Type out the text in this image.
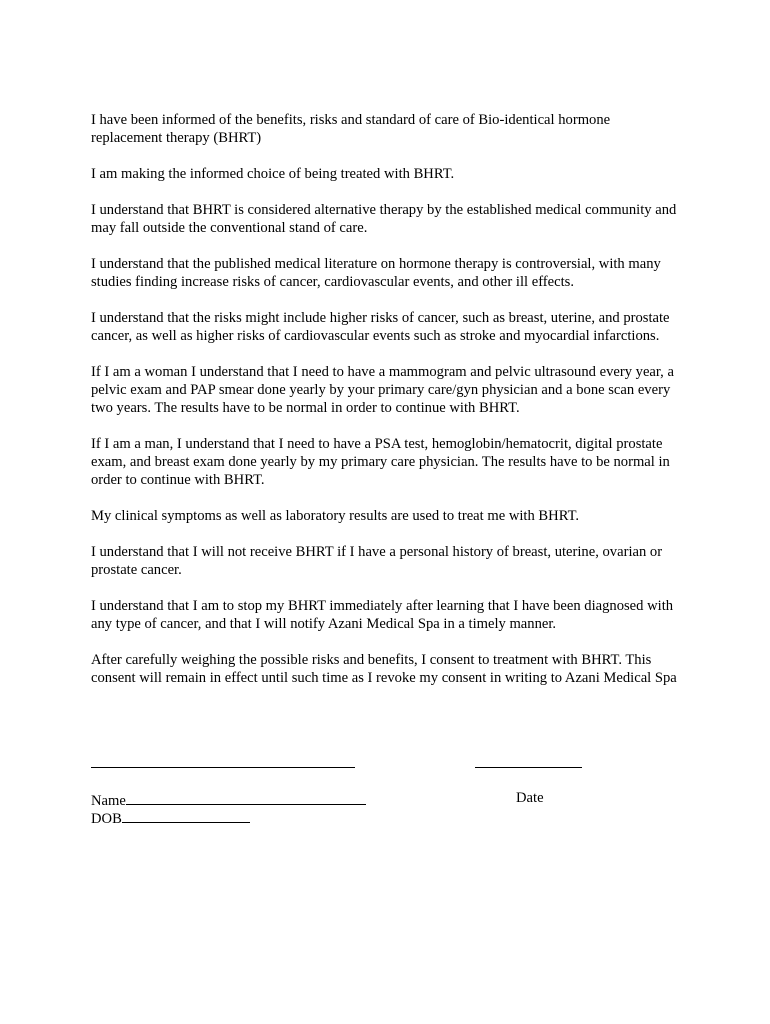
I have been informed of the benefits, risks and standard of care of Bio-identical hormone replacement therapy (BHRT)

I am making the informed choice of being treated with BHRT.

I understand that BHRT is considered alternative therapy by the established medical community and may fall outside the conventional stand of care.

I understand that the published medical literature on hormone therapy is controversial, with many studies finding increase risks of cancer, cardiovascular events, and other ill effects.

I understand that the risks might include higher risks of cancer, such as breast, uterine, and prostate cancer, as well as higher risks of cardiovascular events such as stroke and myocardial infarctions.

If I am a woman I understand that I need to have a mammogram and pelvic ultrasound every year, a pelvic exam and PAP smear done yearly by your primary care/gyn physician and a bone scan every two years. The results have to be normal in order to continue with BHRT.

If I am a man, I understand that I need to have a PSA test, hemoglobin/hematocrit, digital prostate exam, and breast exam done yearly by my primary care physician. The results have to be normal in order to continue with BHRT.

My clinical symptoms as well as laboratory results are used to treat me with BHRT.

I understand that I will not receive BHRT if I have a personal history of breast, uterine, ovarian or prostate cancer.

I understand that I am to stop my BHRT immediately after learning that I have been diagnosed with any type of cancer, and that I will notify Azani Medical Spa in a timely manner.

After carefully weighing the possible risks and benefits, I consent to treatment with BHRT. This consent will remain in effect until such time as I revoke my consent in writing to Azani Medical Spa

Name	Date
DOB
